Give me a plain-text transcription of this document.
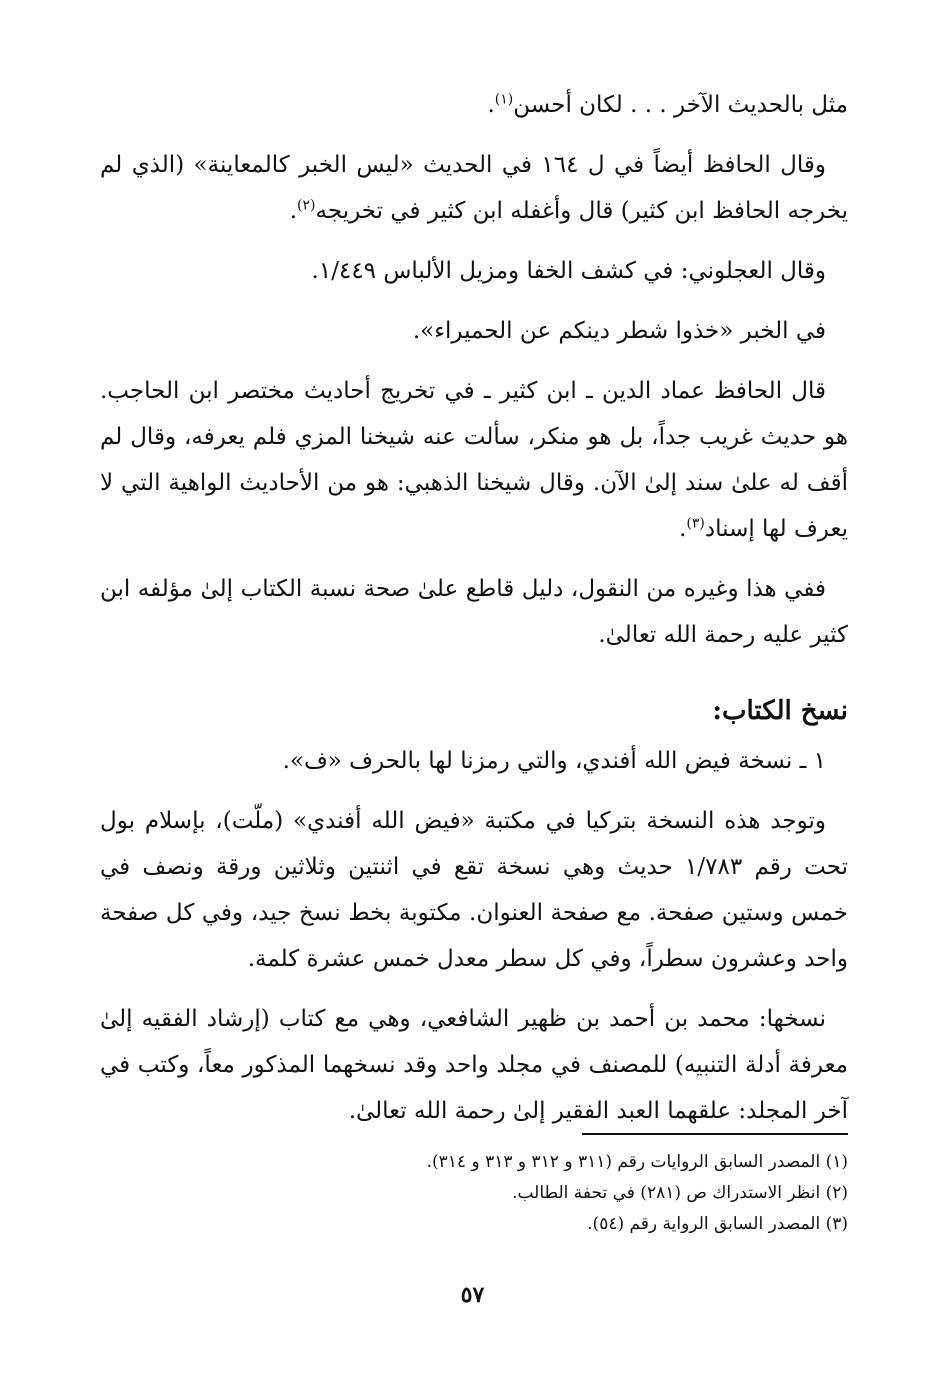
مثل بالحديث الآخر . . . لكان أحسن$^{(١)}$.

وقال الحافظ أيضاً في ل ١٦٤ في الحديث «ليس الخبر كالمعاينة» (الذي لم يخرجه الحافظ ابن كثير) قال وأغفله ابن كثير في تخريجه$^{(٢)}$.

وقال العجلوني: في كشف الخفا ومزيل الألباس ١/٤٤٩.

في الخبر «خذوا شطر دينكم عن الحميراء».

قال الحافظ عماد الدين ـ ابن كثير ـ في تخريج أحاديث مختصر ابن الحاجب. هو حديث غريب جداً، بل هو منكر، سألت عنه شيخنا المزي فلم يعرفه، وقال لم أقف له علىٰ سند إلىٰ الآن. وقال شيخنا الذهبي: هو من الأحاديث الواهية التي لا يعرف لها إسناد$^{(٣)}$.

ففي هذا وغيره من النقول، دليل قاطع علىٰ صحة نسبة الكتاب إلىٰ مؤلفه ابن كثير عليه رحمة الله تعالىٰ.

نسخ الكتاب:

١ ـ نسخة فيض الله أفندي، والتي رمزنا لها بالحرف «ف».

وتوجد هذه النسخة بتركيا في مكتبة «فيض الله أفندي» (ملّت)، بإسلام بول تحت رقم ١/٧٨٣ حديث وهي نسخة تقع في اثنتين وثلاثين ورقة ونصف في خمس وستين صفحة. مع صفحة العنوان. مكتوبة بخط نسخ جيد، وفي كل صفحة واحد وعشرون سطراً، وفي كل سطر معدل خمس عشرة كلمة.

نسخها: محمد بن أحمد بن ظهير الشافعي، وهي مع كتاب (إرشاد الفقيه إلىٰ معرفة أدلة التنبيه) للمصنف في مجلد واحد وقد نسخهما المذكور معاً، وكتب في آخر المجلد: علقهما العبد الفقير إلىٰ رحمة الله تعالىٰ.

(١) المصدر السابق الروايات رقم (٣١١ و ٣١٢ و ٣١٣ و ٣١٤).
(٢) انظر الاستدراك ص (٢٨١) في تحفة الطالب.
(٣) المصدر السابق الرواية رقم (٥٤).
٥٧
